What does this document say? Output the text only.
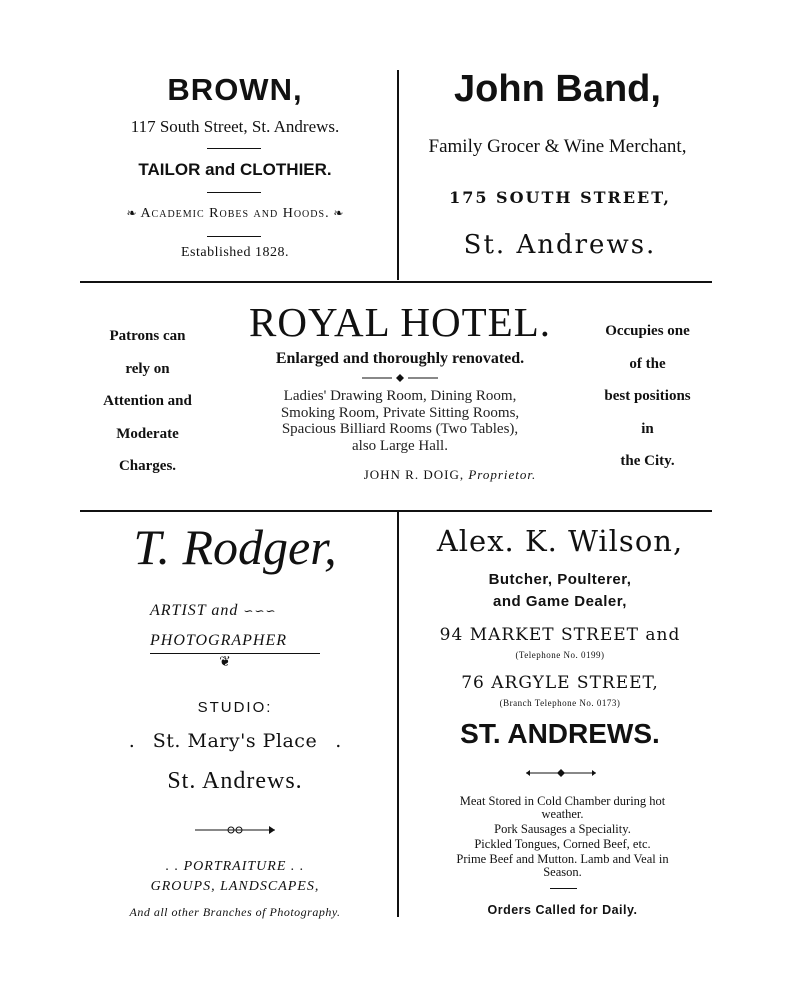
BROWN,
117 South Street, St. Andrews.
TAILOR and CLOTHIER.
❧ Academic Robes and Hoods. ❧
Established 1828.
John Band,
Family Grocer & Wine Merchant,
175 SOUTH STREET,
St. Andrews.
Patrons can
rely on
Attention and
Moderate
Charges.
ROYAL HOTEL.
Enlarged and thoroughly renovated.
Ladies' Drawing Room, Dining Room,
Smoking Room, Private Sitting Rooms,
Spacious Billiard Rooms (Two Tables),
also Large Hall.
JOHN R. DOIG, Proprietor.
Occupies one
of the
best positions
in
the City.
T. Rodger,
ARTIST and ∽∽∽
PHOTOGRAPHER
❦
STUDIO:
. St. Mary's Place .
St. Andrews.
. . PORTRAITURE . .
GROUPS, LANDSCAPES,
And all other Branches of Photography.
Alex. K. Wilson,
Butcher, Poulterer,
and Game Dealer,
94 MARKET STREET and
(Telephone No. 0199)
76 ARGYLE STREET,
(Branch Telephone No. 0173)
ST. ANDREWS.
Meat Stored in Cold Chamber during hot
weather.
Pork Sausages a Speciality.
Pickled Tongues, Corned Beef, etc.
Prime Beef and Mutton. Lamb and Veal in
Season.
Orders Called for Daily.
